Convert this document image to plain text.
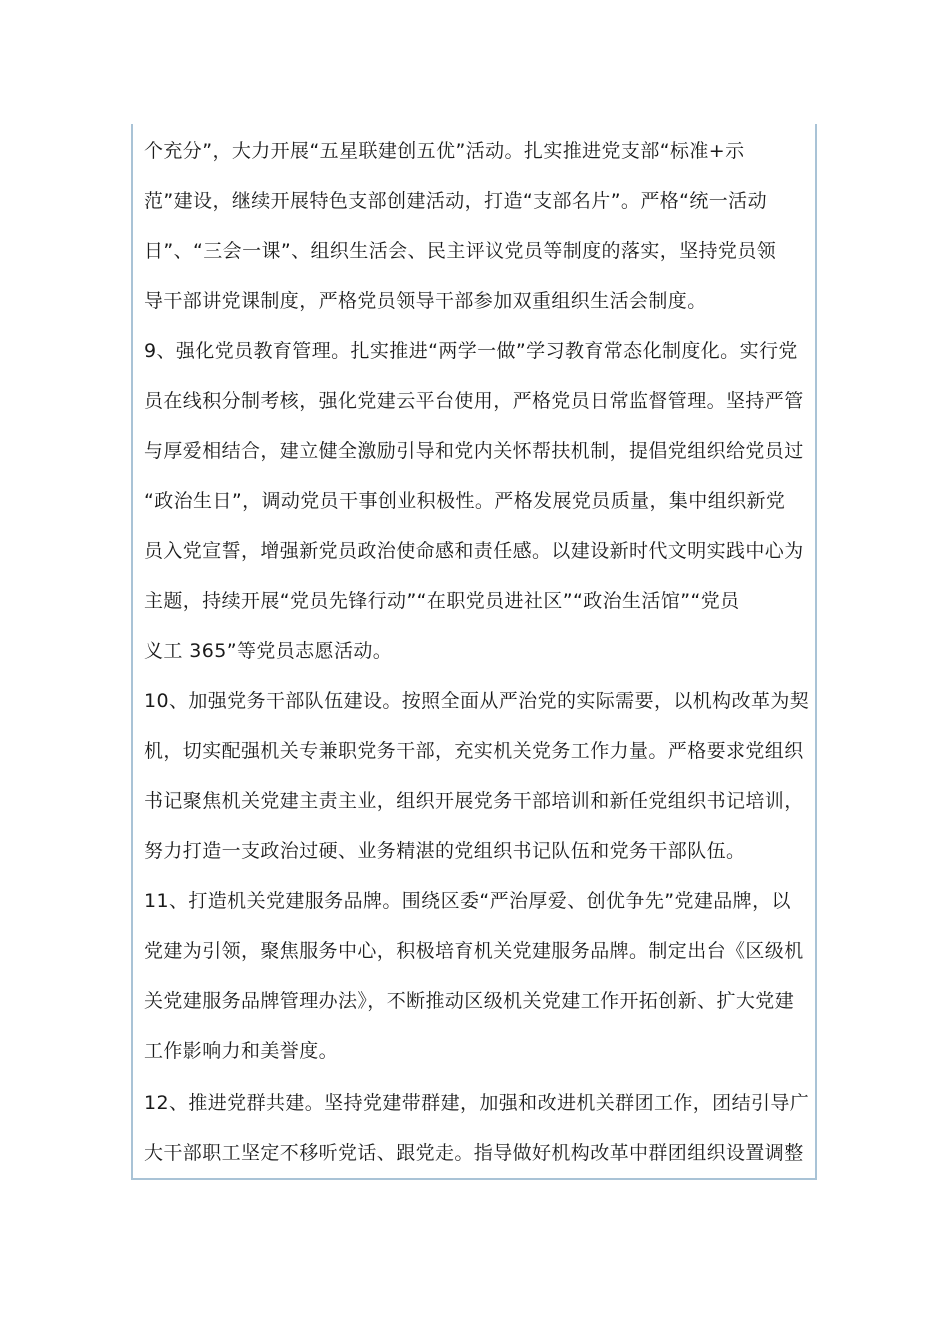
个充分”，大力开展“五星联建创五优”活动。扎实推进党支部“标准+示
范”建设，继续开展特色支部创建活动，打造“支部名片”。严格“统一活动
日”、“三会一课”、组织生活会、民主评议党员等制度的落实，坚持党员领
导干部讲党课制度，严格党员领导干部参加双重组织生活会制度。
9、强化党员教育管理。扎实推进“两学一做”学习教育常态化制度化。实行党
员在线积分制考核，强化党建云平台使用，严格党员日常监督管理。坚持严管
与厚爱相结合，建立健全激励引导和党内关怀帮扶机制，提倡党组织给党员过
“政治生日”，调动党员干事创业积极性。严格发展党员质量，集中组织新党
员入党宣誓，增强新党员政治使命感和责任感。以建设新时代文明实践中心为
主题，持续开展“党员先锋行动”“在职党员进社区”“政治生活馆”“党员
义工 365”等党员志愿活动。
10、加强党务干部队伍建设。按照全面从严治党的实际需要，以机构改革为契
机，切实配强机关专兼职党务干部，充实机关党务工作力量。严格要求党组织
书记聚焦机关党建主责主业，组织开展党务干部培训和新任党组织书记培训，
努力打造一支政治过硬、业务精湛的党组织书记队伍和党务干部队伍。
11、打造机关党建服务品牌。围绕区委“严治厚爱、创优争先”党建品牌，以
党建为引领，聚焦服务中心，积极培育机关党建服务品牌。制定出台《区级机
关党建服务品牌管理办法》，不断推动区级机关党建工作开拓创新、扩大党建
工作影响力和美誉度。
12、推进党群共建。坚持党建带群建，加强和改进机关群团工作，团结引导广
大干部职工坚定不移听党话、跟党走。指导做好机构改革中群团组织设置调整
